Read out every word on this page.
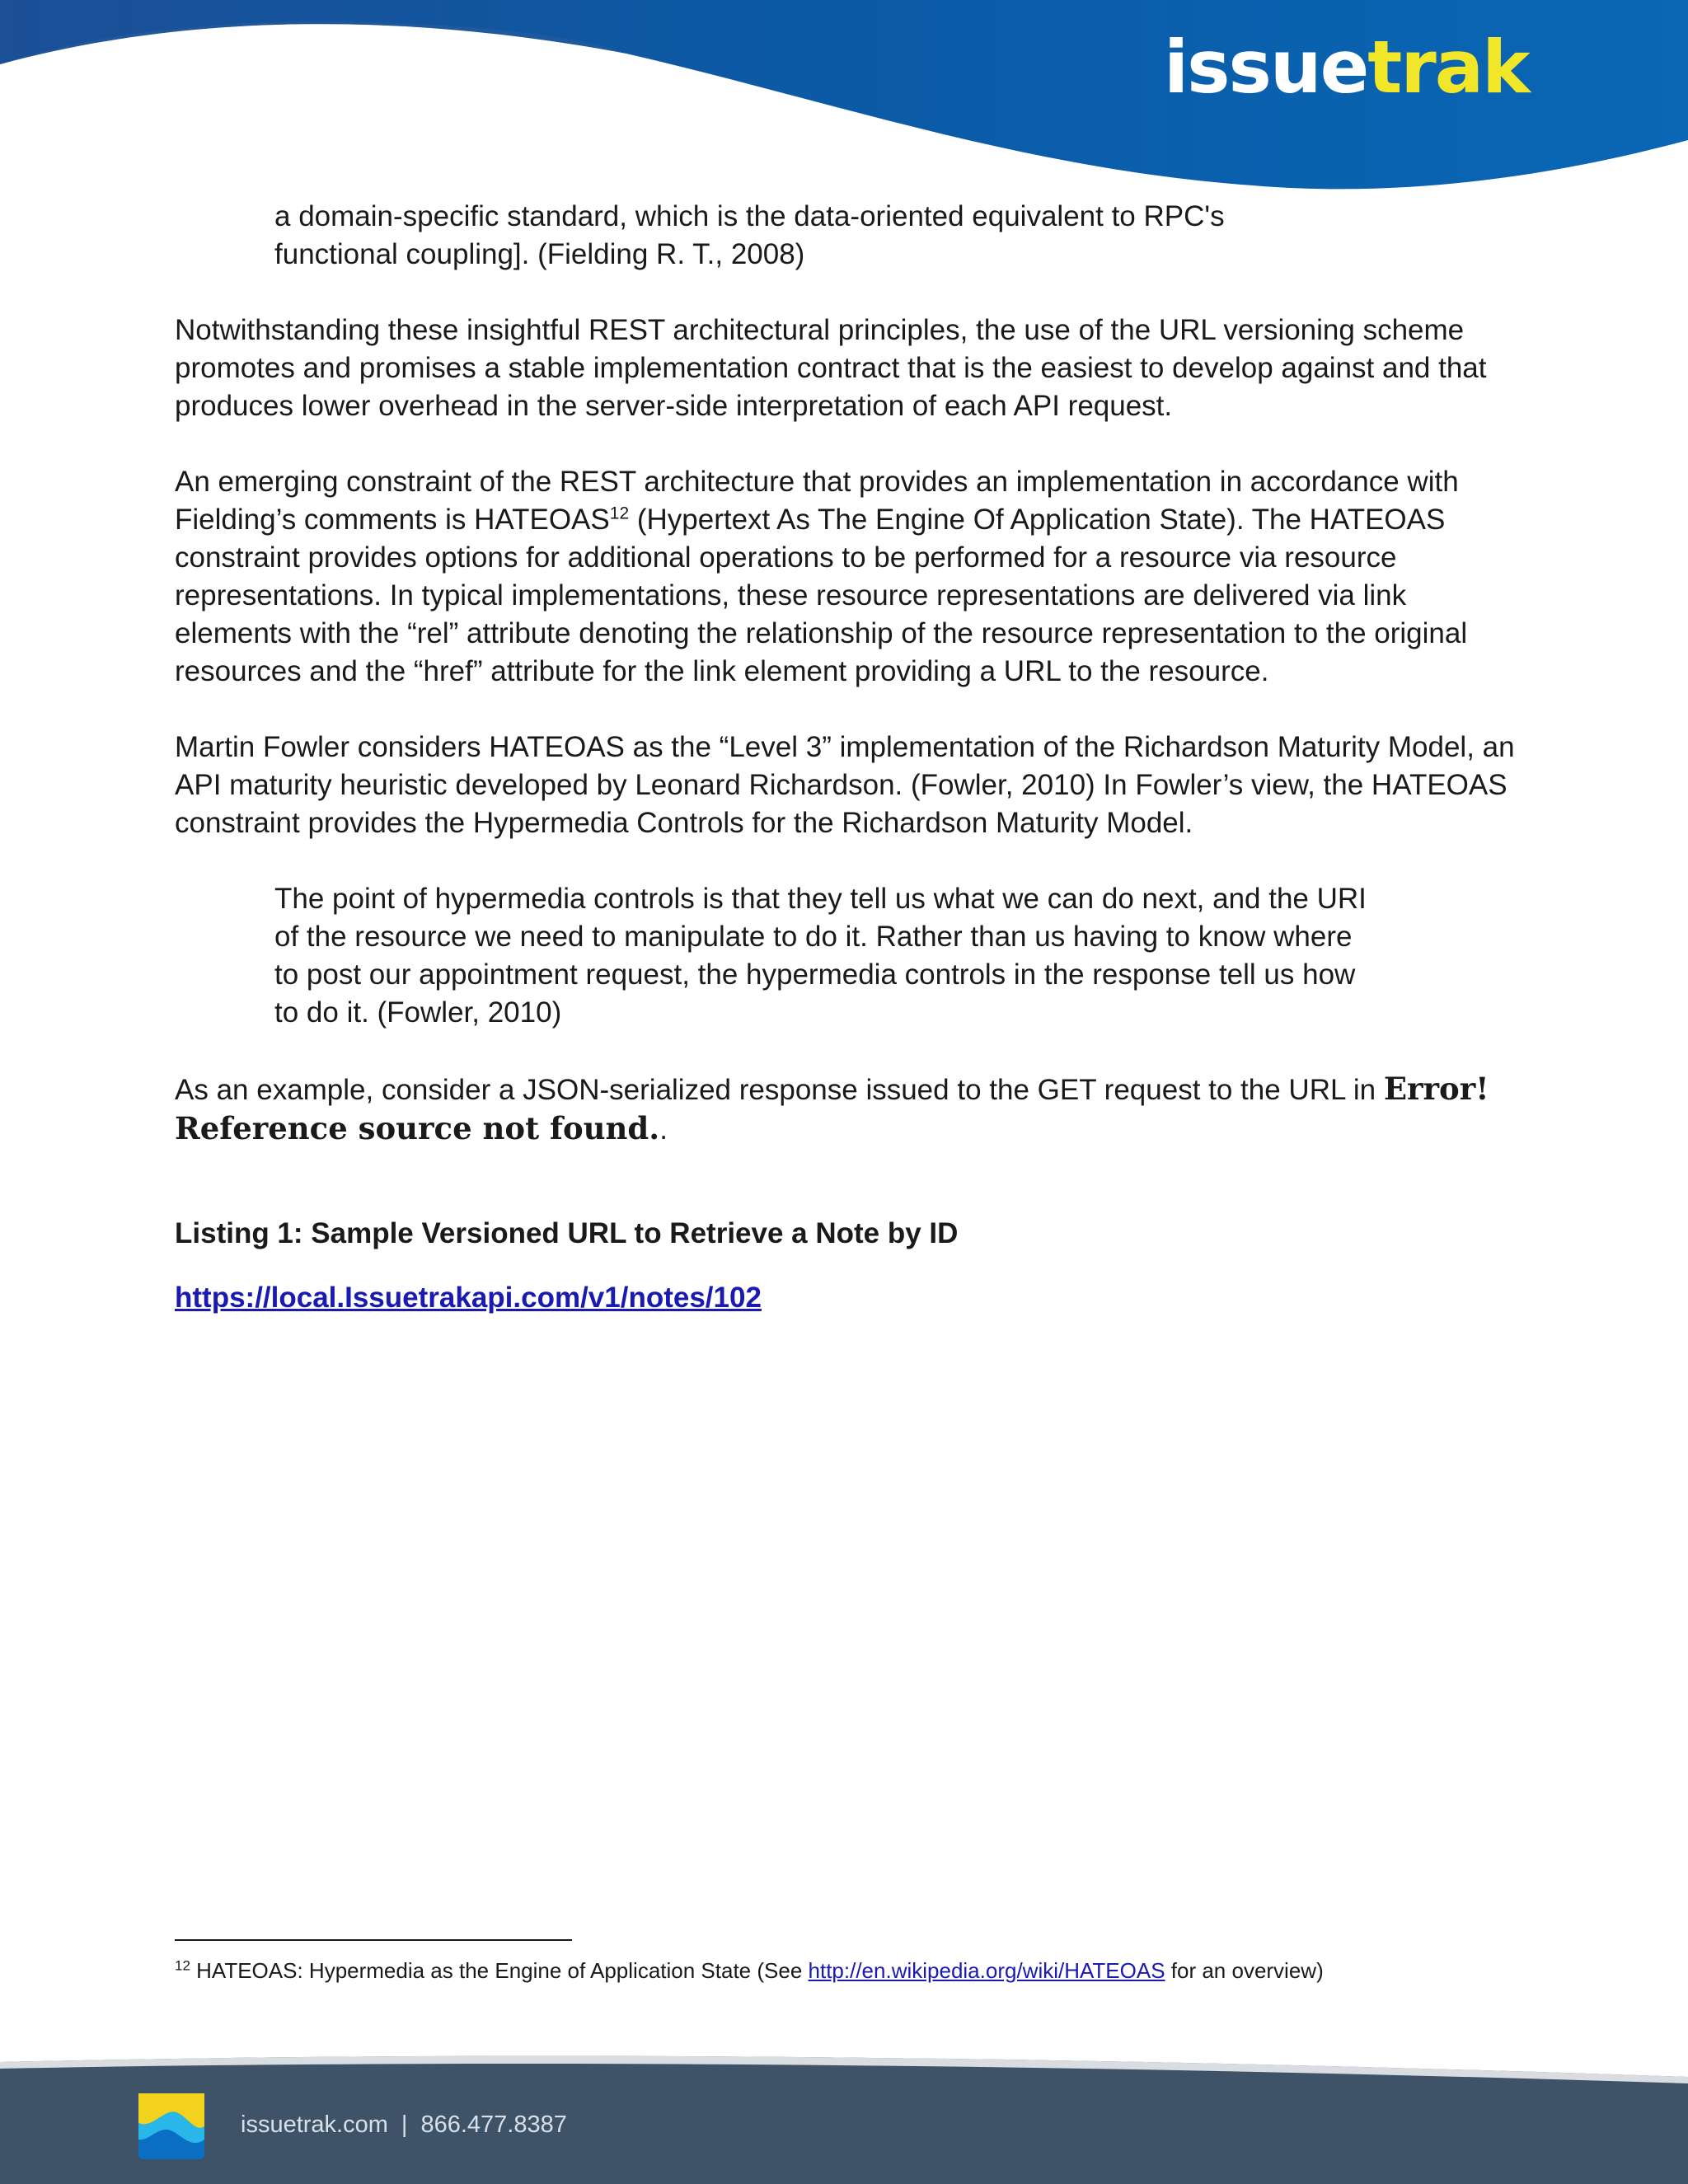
issuetrak
a domain-specific standard, which is the data-oriented equivalent to RPC's
functional coupling]. (Fielding R. T., 2008)

Notwithstanding these insightful REST architectural principles, the use of the URL versioning scheme promotes and promises a stable implementation contract that is the easiest to develop against and that produces lower overhead in the server-side interpretation of each API request.

An emerging constraint of the REST architecture that provides an implementation in accordance with Fielding’s comments is HATEOAS$^{12}$ (Hypertext As The Engine Of Application State). The HATEOAS constraint provides options for additional operations to be performed for a resource via resource representations. In typical implementations, these resource representations are delivered via link elements with the “rel” attribute denoting the relationship of the resource representation to the original resources and the “href” attribute for the link element providing a URL to the resource.

Martin Fowler considers HATEOAS as the “Level 3” implementation of the Richardson Maturity Model, an API maturity heuristic developed by Leonard Richardson. (Fowler, 2010) In Fowler’s view, the HATEOAS constraint provides the Hypermedia Controls for the Richardson Maturity Model.

The point of hypermedia controls is that they tell us what we can do next, and the URI of the resource we need to manipulate to do it. Rather than us having to know where to post our appointment request, the hypermedia controls in the response tell us how to do it. (Fowler, 2010)

As an example, consider a JSON-serialized response issued to the GET request to the URL in Error! Reference source not found..

Listing 1: Sample Versioned URL to Retrieve a Note by ID

https://local.Issuetrakapi.com/v1/notes/102

$^{12}$ HATEOAS: Hypermedia as the Engine of Application State (See http://en.wikipedia.org/wiki/HATEOAS for an overview)
issuetrak.com | 866.477.8387
